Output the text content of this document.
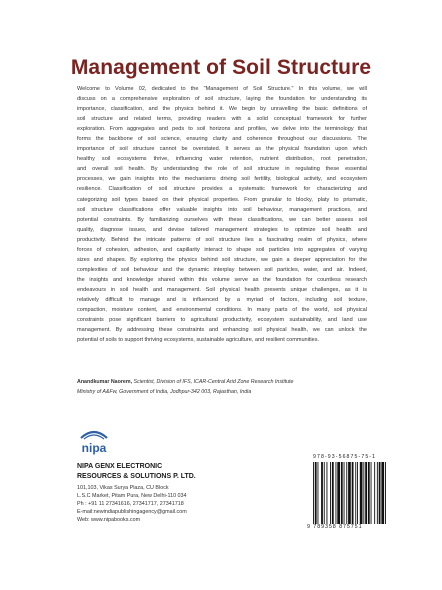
Management of Soil Structure

Welcome to Volume 02, dedicated to the "Management of Soil Structure." In this volume, we will

discuss on a comprehensive exploration of soil structure, laying the foundation for understanding its

importance, classification, and the physics behind it. We begin by unravelling the basic definitions of

soil structure and related terms, providing readers with a solid conceptual framework for further

exploration. From aggregates and peds to soil horizons and profiles, we delve into the terminology that

forms the backbone of soil science, ensuring clarity and coherence throughout our discussions. The

importance of soil structure cannot be overstated. It serves as the physical foundation upon which

healthy soil ecosystems thrive, influencing water retention, nutrient distribution, root penetration,

and overall soil health. By understanding the role of soil structure in regulating these essential

processes, we gain insights into the mechanisms driving soil fertility, biological activity, and ecosystem

resilience. Classification of soil structure provides a systematic framework for characterizing and

categorizing soil types based on their physical properties. From granular to blocky, platy to prismatic,

soil structure classifications offer valuable insights into soil behaviour, management practices, and

potential constraints. By familiarizing ourselves with these classifications, we can better assess soil

quality, diagnose issues, and devise tailored management strategies to optimize soil health and

productivity. Behind the intricate patterns of soil structure lies a fascinating realm of physics, where

forces of cohesion, adhesion, and capillarity interact to shape soil particles into aggregates of varying

sizes and shapes. By exploring the physics behind soil structure, we gain a deeper appreciation for the

complexities of soil behaviour and the dynamic interplay between soil particles, water, and air. Indeed,

the insights and knowledge shared within this volume serve as the foundation for countless research

endeavours in soil health and management. Soil physical health presents unique challenges, as it is

relatively difficult to manage and is influenced by a myriad of factors, including soil texture,

compaction, moisture content, and environmental conditions. In many parts of the world, soil physical

constraints pose significant barriers to agricultural productivity, ecosystem sustainability, and land use

management. By addressing these constraints and enhancing soil physical health, we can unlock the

potential of soils to support thriving ecosystems, sustainable agriculture, and resilient communities.

Anandkumar Naorem, Scientist, Division of IFS, ICAR-Central Arid Zone Research Institute
Ministry of A&Fw, Government of India, Jodhpur-342 003, Rajasthan, India
nipa
NIPA GENX ELECTRONIC
RESOURCES & SOLUTIONS P. LTD.
101,103, Vikas Surya Plaza, CU Block
L.S.C Market, Pitam Pura, New Delhi-110 034
Ph : +91 11 27341616, 27341717, 27341718
E-mail:newindiapublishingagency@gmail.com
Web: www.nipabooks.com
978-93-56875-75-1
9 789358 875751
